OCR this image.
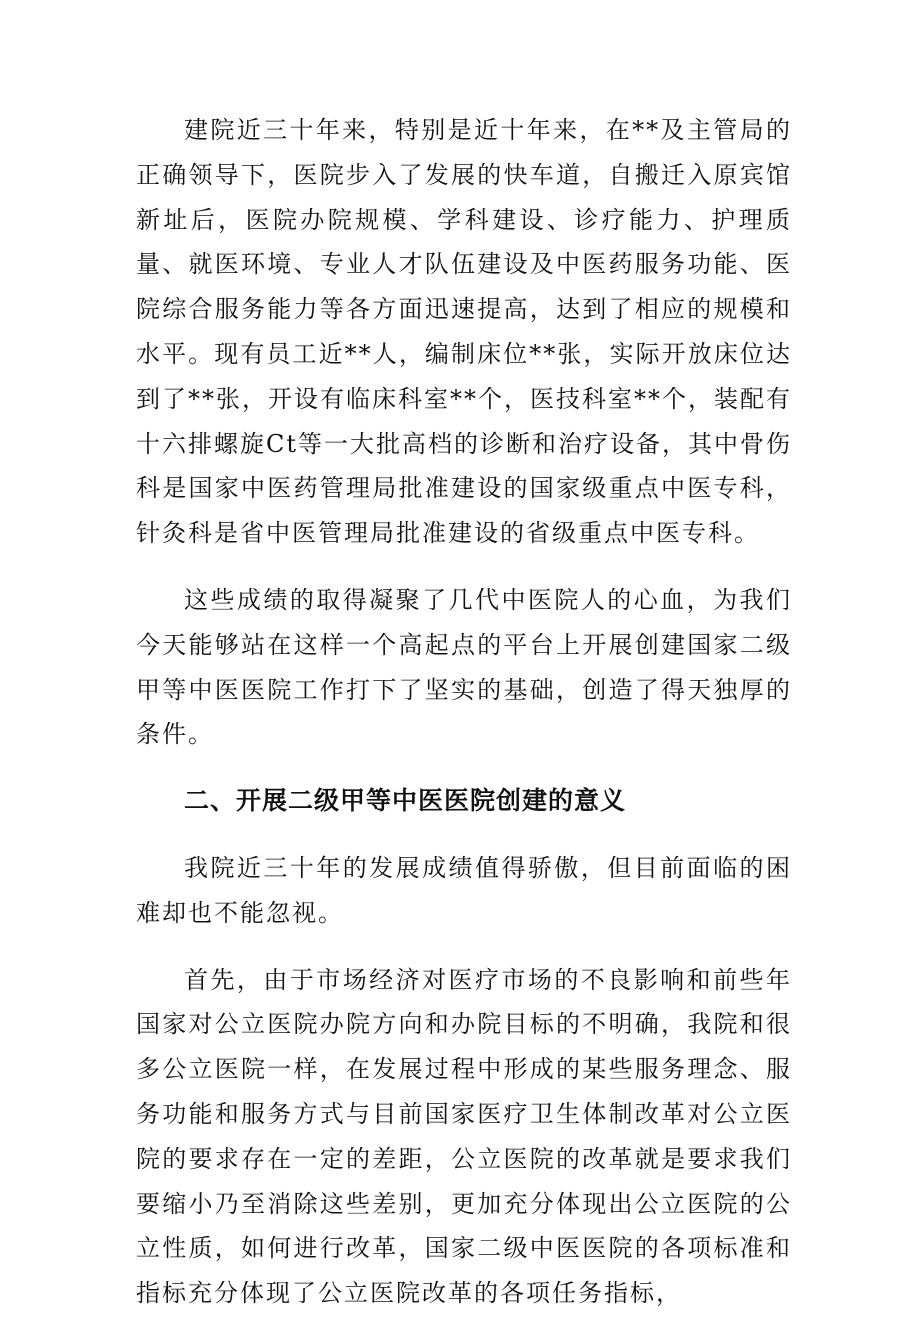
建院近三十年来，特别是近十年来，在**及主管局的正确领导下，医院步入了发展的快车道，自搬迁入原宾馆新址后，医院办院规模、学科建设、诊疗能力、护理质量、就医环境、专业人才队伍建设及中医药服务功能、医院综合服务能力等各方面迅速提高，达到了相应的规模和水平。现有员工近**人，编制床位**张，实际开放床位达到了**张，开设有临床科室**个，医技科室**个，装配有十六排螺旋Ct等一大批高档的诊断和治疗设备，其中骨伤科是国家中医药管理局批准建设的国家级重点中医专科，针灸科是省中医管理局批准建设的省级重点中医专科。

这些成绩的取得凝聚了几代中医院人的心血，为我们今天能够站在这样一个高起点的平台上开展创建国家二级甲等中医医院工作打下了坚实的基础，创造了得天独厚的条件。

二、开展二级甲等中医医院创建的意义

我院近三十年的发展成绩值得骄傲，但目前面临的困难却也不能忽视。

首先，由于市场经济对医疗市场的不良影响和前些年国家对公立医院办院方向和办院目标的不明确，我院和很多公立医院一样，在发展过程中形成的某些服务理念、服务功能和服务方式与目前国家医疗卫生体制改革对公立医院的要求存在一定的差距，公立医院的改革就是要求我们要缩小乃至消除这些差别，更加充分体现出公立医院的公立性质，如何进行改革，国家二级中医医院的各项标准和指标充分体现了公立医院改革的各项任务指标，
